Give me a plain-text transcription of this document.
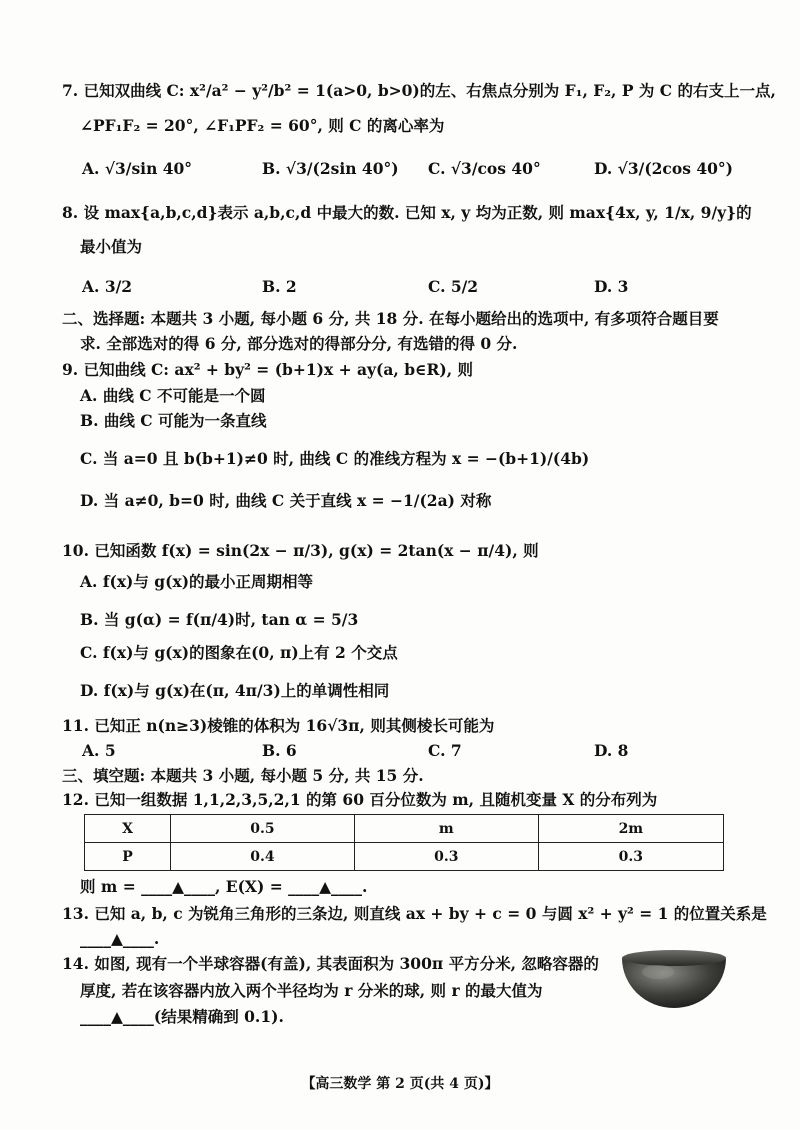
7. 已知双曲线 C: x²/a² − y²/b² = 1(a>0, b>0)的左、右焦点分别为 F₁, F₂, P 为 C 的右支上一点,
∠PF₁F₂ = 20°, ∠F₁PF₂ = 60°, 则 C 的离心率为
A. √3/sin 40°	B. √3/(2sin 40°) C. √3/cos 40°	D. √3/(2cos 40°)
8. 设 max{a,b,c,d}表示 a,b,c,d 中最大的数. 已知 x, y 均为正数, 则 max{4x, y, 1/x, 9/y}的
最小值为
A. 3/2	B. 2	C. 5/2	D. 3
二、选择题: 本题共 3 小题, 每小题 6 分, 共 18 分. 在每小题给出的选项中, 有多项符合题目要
求. 全部选对的得 6 分, 部分选对的得部分分, 有选错的得 0 分.
9. 已知曲线 C: ax² + by² = (b+1)x + ay(a, b∈R), 则
A. 曲线 C 不可能是一个圆
B. 曲线 C 可能为一条直线
C. 当 a=0 且 b(b+1)≠0 时, 曲线 C 的准线方程为 x = −(b+1)/(4b)
D. 当 a≠0, b=0 时, 曲线 C 关于直线 x = −1/(2a) 对称
10. 已知函数 f(x) = sin(2x − π/3), g(x) = 2tan(x − π/4), 则
A. f(x)与 g(x)的最小正周期相等
B. 当 g(α) = f(π/4)时, tan α = 5/3
C. f(x)与 g(x)的图象在(0, π)上有 2 个交点
D. f(x)与 g(x)在(π, 4π/3)上的单调性相同
11. 已知正 n(n≥3)棱锥的体积为 16√3π, 则其侧棱长可能为
A. 5	B. 6	C. 7	D. 8
三、填空题: 本题共 3 小题, 每小题 5 分, 共 15 分.
12. 已知一组数据 1,1,2,3,5,2,1 的第 60 百分位数为 m, 且随机变量 X 的分布列为
X	0.5	m	2m
P	0.4	0.3	0.3
则 m = ____▲____, E(X) = ____▲____.
13. 已知 a, b, c 为锐角三角形的三条边, 则直线 ax + by + c = 0 与圆 x² + y² = 1 的位置关系是
____▲____.
14. 如图, 现有一个半球容器(有盖), 其表面积为 300π 平方分米, 忽略容器的
厚度, 若在该容器内放入两个半径均为 r 分米的球, 则 r 的最大值为
____▲____(结果精确到 0.1).
【高三数学 第 2 页(共 4 页)】
